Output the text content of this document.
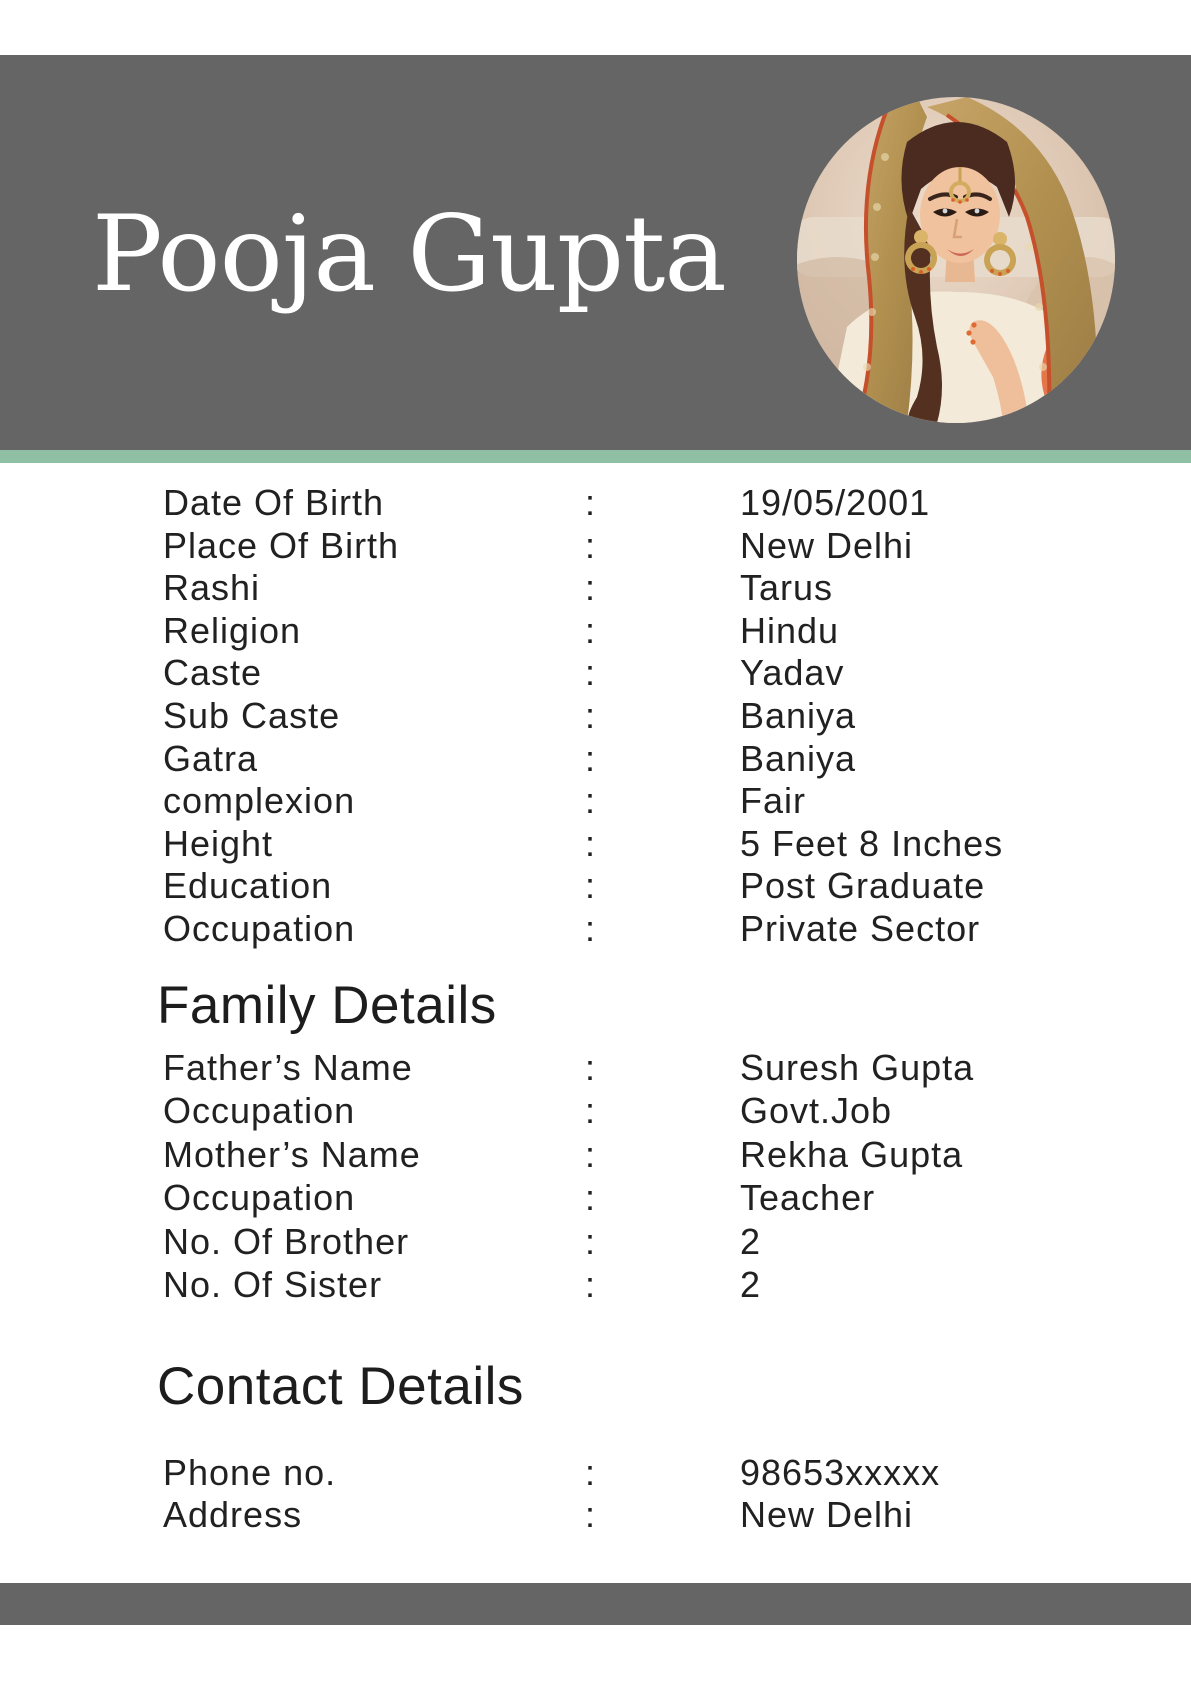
Pooja Gupta
Date Of Birth	:	19/05/2001
Place Of Birth	:	New Delhi
Rashi	:	Tarus
Religion	:	Hindu
Caste	:	Yadav
Sub Caste	:	Baniya
Gatra	:	Baniya
complexion	:	Fair
Height	:	5 Feet 8 Inches
Education	:	Post Graduate
Occupation	:	Private Sector
Family Details
Father’s Name	:	Suresh Gupta
Occupation	:	Govt.Job
Mother’s Name	:	Rekha Gupta
Occupation	:	Teacher
No. Of Brother	:	2
No. Of Sister	:	2
Contact Details
Phone no.	:	98653xxxxx
Address	:	New Delhi
